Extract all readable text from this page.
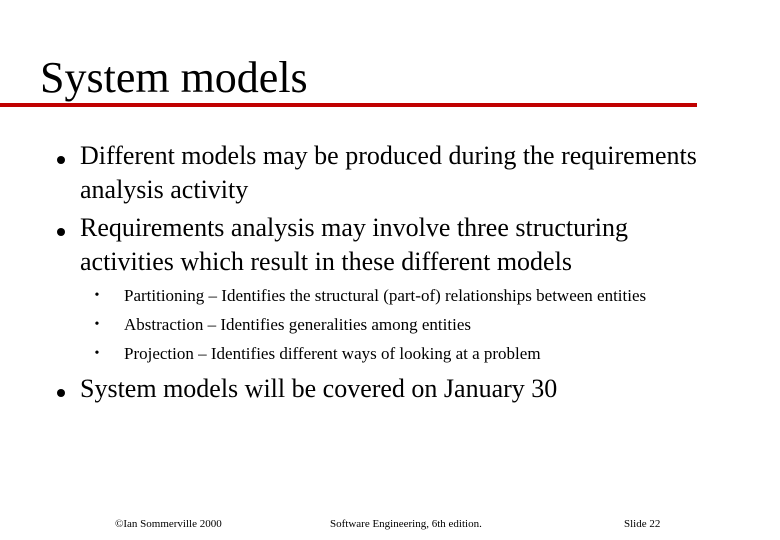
System models
Different models may be produced during the requirements analysis activity
Requirements analysis may involve three structuring activities which result in these different models
• Partitioning – Identifies the structural (part-of) relationships between entities
• Abstraction – Identifies generalities among entities
• Projection – Identifies different ways of looking at a problem
System models will be covered on January 30
©Ian Sommerville 2000	Software Engineering, 6th edition.	Slide 22
